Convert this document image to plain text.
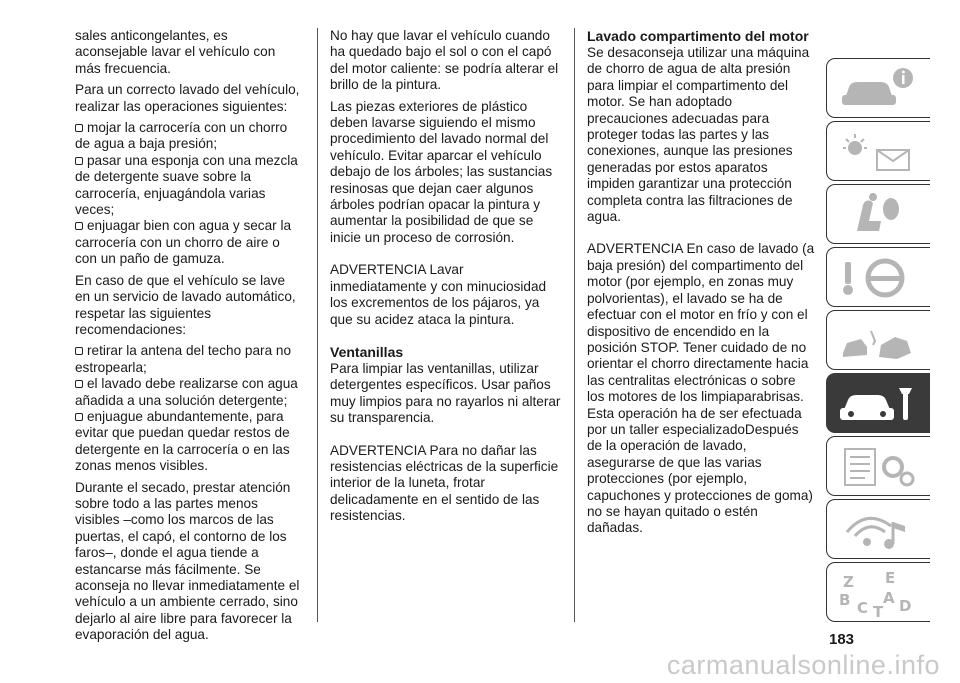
sales anticongelantes, es aconsejable lavar el vehículo con más frecuencia.

Para un correcto lavado del vehículo, realizar las operaciones siguientes:

mojar la carrocería con un chorro de agua a baja presión;

pasar una esponja con una mezcla de detergente suave sobre la carrocería, enjuagándola varias veces;

enjuagar bien con agua y secar la carrocería con un chorro de aire o con un paño de gamuza.

En caso de que el vehículo se lave en un servicio de lavado automático, respetar las siguientes recomendaciones:

retirar la antena del techo para no estropearla;

el lavado debe realizarse con agua añadida a una solución detergente;

enjuague abundantemente, para evitar que puedan quedar restos de detergente en la carrocería o en las zonas menos visibles.

Durante el secado, prestar atención sobre todo a las partes menos visibles –como los marcos de las puertas, el capó, el contorno de los faros–, donde el agua tiende a estancarse más fácilmente. Se aconseja no llevar inmediatamente el vehículo a un ambiente cerrado, sino dejarlo al aire libre para favorecer la evaporación del agua.

No hay que lavar el vehículo cuando ha quedado bajo el sol o con el capó del motor caliente: se podría alterar el brillo de la pintura.

Las piezas exteriores de plástico deben lavarse siguiendo el mismo procedimiento del lavado normal del vehículo. Evitar aparcar el vehículo debajo de los árboles; las sustancias resinosas que dejan caer algunos árboles podrían opacar la pintura y aumentar la posibilidad de que se inicie un proceso de corrosión.

ADVERTENCIA Lavar inmediatamente y con minuciosidad los excrementos de los pájaros, ya que su acidez ataca la pintura.

Ventanillas

Para limpiar las ventanillas, utilizar detergentes específicos. Usar paños muy limpios para no rayarlos ni alterar su transparencia.

ADVERTENCIA Para no dañar las resistencias eléctricas de la superficie interior de la luneta, frotar delicadamente en el sentido de las resistencias.

Lavado compartimento del motor

Se desaconseja utilizar una máquina de chorro de agua de alta presión para limpiar el compartimento del motor. Se han adoptado precauciones adecuadas para proteger todas las partes y las conexiones, aunque las presiones generadas por estos aparatos impiden garantizar una protección completa contra las filtraciones de agua.

ADVERTENCIA En caso de lavado (a baja presión) del compartimento del motor (por ejemplo, en zonas muy polvorientas), el lavado se ha de efectuar con el motor en frío y con el dispositivo de encendido en la posición STOP. Tener cuidado de no orientar el chorro directamente hacia las centralitas electrónicas o sobre los motores de los limpiaparabrisas. Esta operación ha de ser efectuada por un taller especializadoDespués de la operación de lavado, asegurarse de que las varias protecciones (por ejemplo, capuchones y protecciones de goma) no se hayan quitado o estén dañadas.

Z E
B A
C T D
183
carmanualsonline.info
